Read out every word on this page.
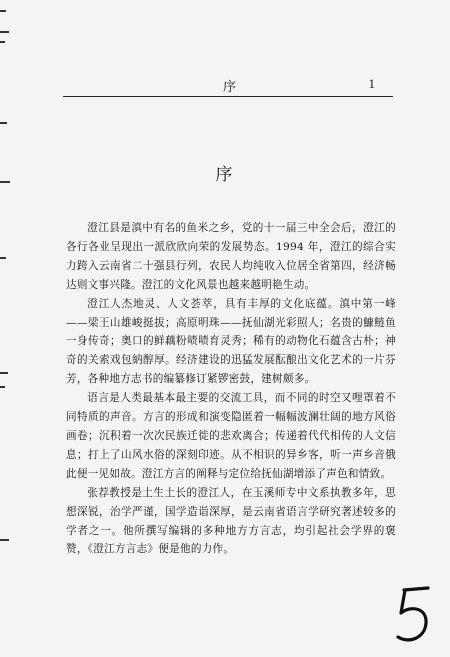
序	1
序

澄江县是滇中有名的鱼米之乡，党的十一届三中全会后，澄江的各行各业呈现出一派欣欣向荣的发展势态。1994 年，澄江的综合实力跨入云南省二十强县行列，农民人均纯收入位居全省第四，经济畅达则文事兴隆。澄江的文化风景也越来越明艳生动。

澄江人杰地灵、人文荟萃，具有丰厚的文化底蕴。滇中第一峰——梁王山雄峻挺拔；高原明珠——抚仙湖光彩照人；名贵的鱇鲢鱼一身传奇；奥口的鲜藕粉啧啧育灵秀；稀有的动物化石蕴含古朴；神奇的关索戏包納醇厚。经济建设的迅猛发展酝酿出文化艺术的一片芬芳，各种地方志书的编纂修订紧锣密鼓，建树颇多。

语言是人类最基本最主要的交流工具，而不同的时空又哩罩着不同特质的声音。方言的形成和演变隐匿着一幅幅波澜壮阔的地方风俗画卷；沉积着一次次民族迁徙的悲欢离合；传递着代代相传的人文信息；打上了山风水俗的深刻印迹。从不相识的异乡客，听一声乡音俄此便一见如故。澄江方言的阐释与定位给抚仙湖增添了声色和情致。

张荐教授是土生土长的澄江人，在玉溪师专中文系执教多年，思想深锐，治学严谨，国学造诣深厚，是云南省语言学研究著述较多的学者之一。他所撰写编辑的多种地方方言志，均引起社会学界的褒赞，《澄江方言志》便是他的力作。
